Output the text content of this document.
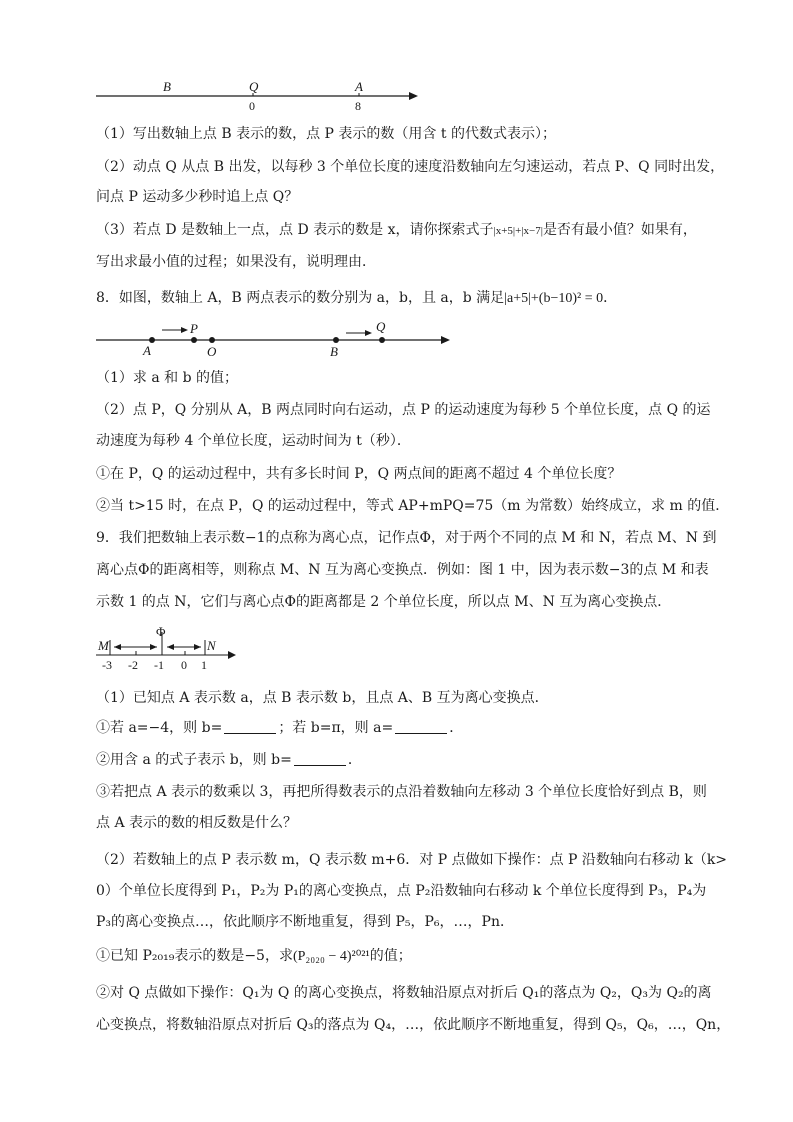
B	Q	A
0	8
（1）写出数轴上点 B 表示的数，点 P 表示的数（用含 t 的代数式表示）；
（2）动点 Q 从点 B 出发，以每秒 3 个单位长度的速度沿数轴向左匀速运动，若点 P、Q 同时出发，
问点 P 运动多少秒时追上点 Q？
（3）若点 D 是数轴上一点，点 D 表示的数是 x，请你探索式子|x+5|+|x−7|是否有最小值？如果有，
写出求最小值的过程；如果没有，说明理由．
8．如图，数轴上 A，B 两点表示的数分别为 a，b，且 a，b 满足|a+5|+(b−10)² = 0．
A
P
O	B
Q
（1）求 a 和 b 的值；
（2）点 P，Q 分别从 A，B 两点同时向右运动，点 P 的运动速度为每秒 5 个单位长度，点 Q 的运
动速度为每秒 4 个单位长度，运动时间为 t（秒）．
①在 P，Q 的运动过程中，共有多长时间 P，Q 两点间的距离不超过 4 个单位长度？
②当 t>15 时，在点 P，Q 的运动过程中，等式 AP+mPQ=75（m 为常数）始终成立，求 m 的值．
9．我们把数轴上表示数−1的点称为离心点，记作点Φ，对于两个不同的点 M 和 N，若点 M、N 到
离心点Φ的距离相等，则称点 M、N 互为离心变换点．例如：图 1 中，因为表示数−3的点 M 和表
示数 1 的点 N，它们与离心点Φ的距离都是 2 个单位长度，所以点 M、N 互为离心变换点．
M
Φ
N
-3 -2 -1 0 1
（1）已知点 A 表示数 a，点 B 表示数 b，且点 A、B 互为离心变换点．
①若 a=−4，则 b=	；若 b=π，则 a=	．
②用含 a 的式子表示 b，则 b=	．
③若把点 A 表示的数乘以 3，再把所得数表示的点沿着数轴向左移动 3 个单位长度恰好到点 B，则
点 A 表示的数的相反数是什么？
（2）若数轴上的点 P 表示数 m，Q 表示数 m+6．对 P 点做如下操作：点 P 沿数轴向右移动 k（k>
0）个单位长度得到 P₁，P₂为 P₁的离心变换点，点 P₂沿数轴向右移动 k 个单位长度得到 P₃，P₄为
P₃的离心变换点…，依此顺序不断地重复，得到 P₅，P₆，…，Pn．
①已知 P₂₀₁₉表示的数是−5，求(P₂₀₂₀ − 4)²⁰²¹的值；
②对 Q 点做如下操作：Q₁为 Q 的离心变换点，将数轴沿原点对折后 Q₁的落点为 Q₂，Q₃为 Q₂的离
心变换点，将数轴沿原点对折后 Q₃的落点为 Q₄，…，依此顺序不断地重复，得到 Q₅，Q₆，…，Qn，
